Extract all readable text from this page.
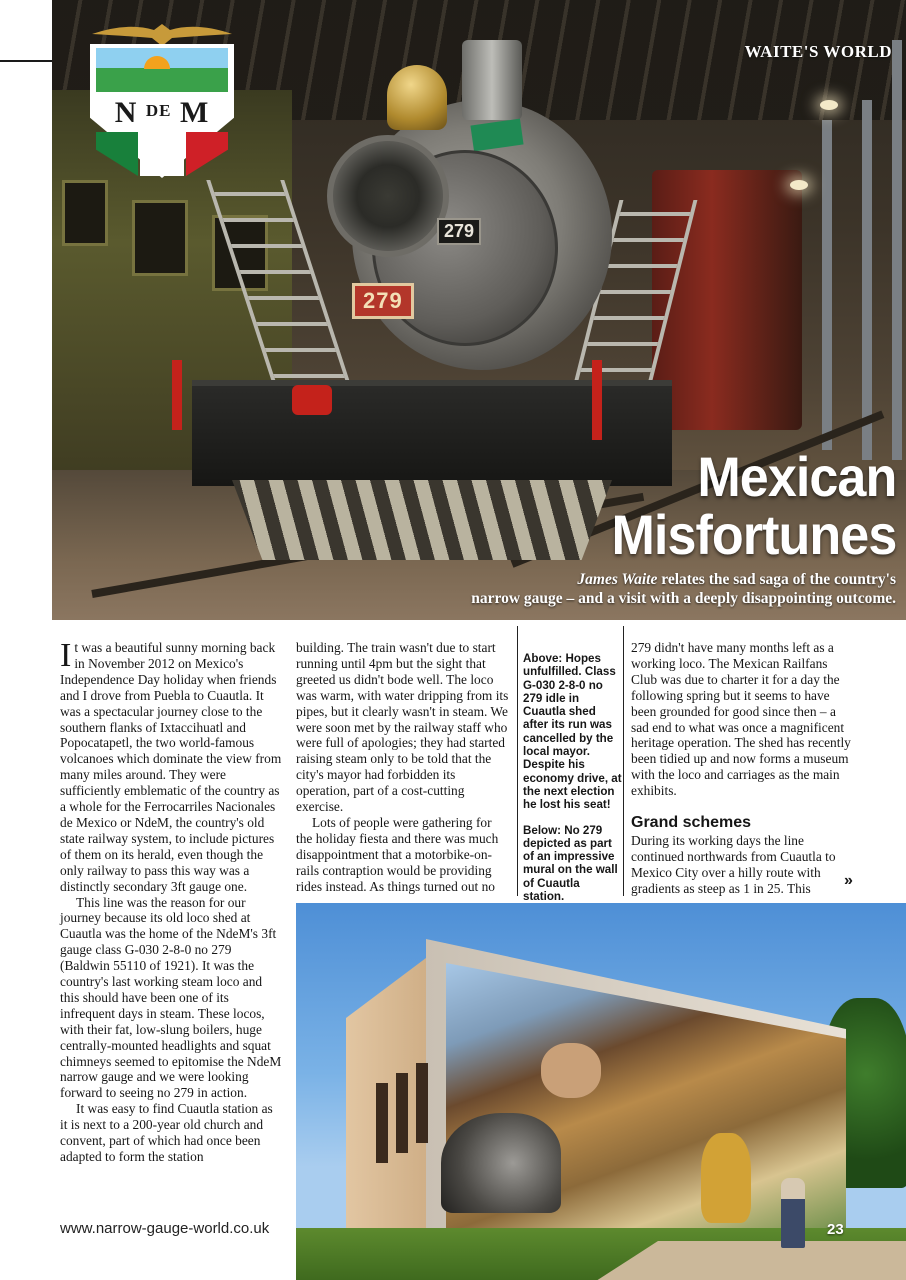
279
279
N $^{DE}$ M
WAITE'S WORLD
Mexican
Misfortunes
James Waite relates the sad saga of the country's
narrow gauge – and a visit with a deeply disappointing outcome.

It was a beautiful sunny morning back in November 2012 on Mexico's Independence Day holiday when friends and I drove from Puebla to Cuautla. It was a spectacular journey close to the southern flanks of Ixtaccihuatl and Popocatapetl, the two world-famous volcanoes which dominate the view from many miles around. They were sufficiently emblematic of the country as a whole for the Ferrocarriles Nacionales de Mexico or NdeM, the country's old state railway system, to include pictures of them on its herald, even though the only railway to pass this way was a distinctly secondary 3ft gauge one.

This line was the reason for our journey because its old loco shed at Cuautla was the home of the NdeM's 3ft gauge class G-030 2-8-0 no 279 (Baldwin 55110 of 1921). It was the country's last working steam loco and this should have been one of its infrequent days in steam. These locos, with their fat, low-slung boilers, huge centrally-mounted headlights and squat chimneys seemed to epitomise the NdeM narrow gauge and we were looking forward to seeing no 279 in action.

It was easy to find Cuautla station as it is next to a 200-year old church and convent, part of which had once been adapted to form the station

building. The train wasn't due to start running until 4pm but the sight that greeted us didn't bode well. The loco was warm, with water dripping from its pipes, but it clearly wasn't in steam. We were soon met by the railway staff who were full of apologies; they had started raising steam only to be told that the city's mayor had forbidden its operation, part of a cost-cutting exercise.

Lots of people were gathering for the holiday fiesta and there was much disappointment that a motorbike-on-rails contraption would be providing rides instead. As things turned out no

Above: Hopes unfulfilled. Class G-030 2-8-0 no 279 idle in Cuautla shed after its run was cancelled by the local mayor. Despite his economy drive, at the next election he lost his seat!

Below: No 279 depicted as part of an impressive mural on the wall of Cuautla station.

279 didn't have many months left as a working loco. The Mexican Railfans Club was due to charter it for a day the following spring but it seems to have been grounded for good since then – a sad end to what was once a magnificent heritage operation. The shed has recently been tidied up and now forms a museum with the loco and carriages as the main exhibits.

Grand schemes

During its working days the line continued northwards from Cuautla to Mexico City over a hilly route with gradients as steep as 1 in 25. This	»
www.narrow-gauge-world.co.uk	23
